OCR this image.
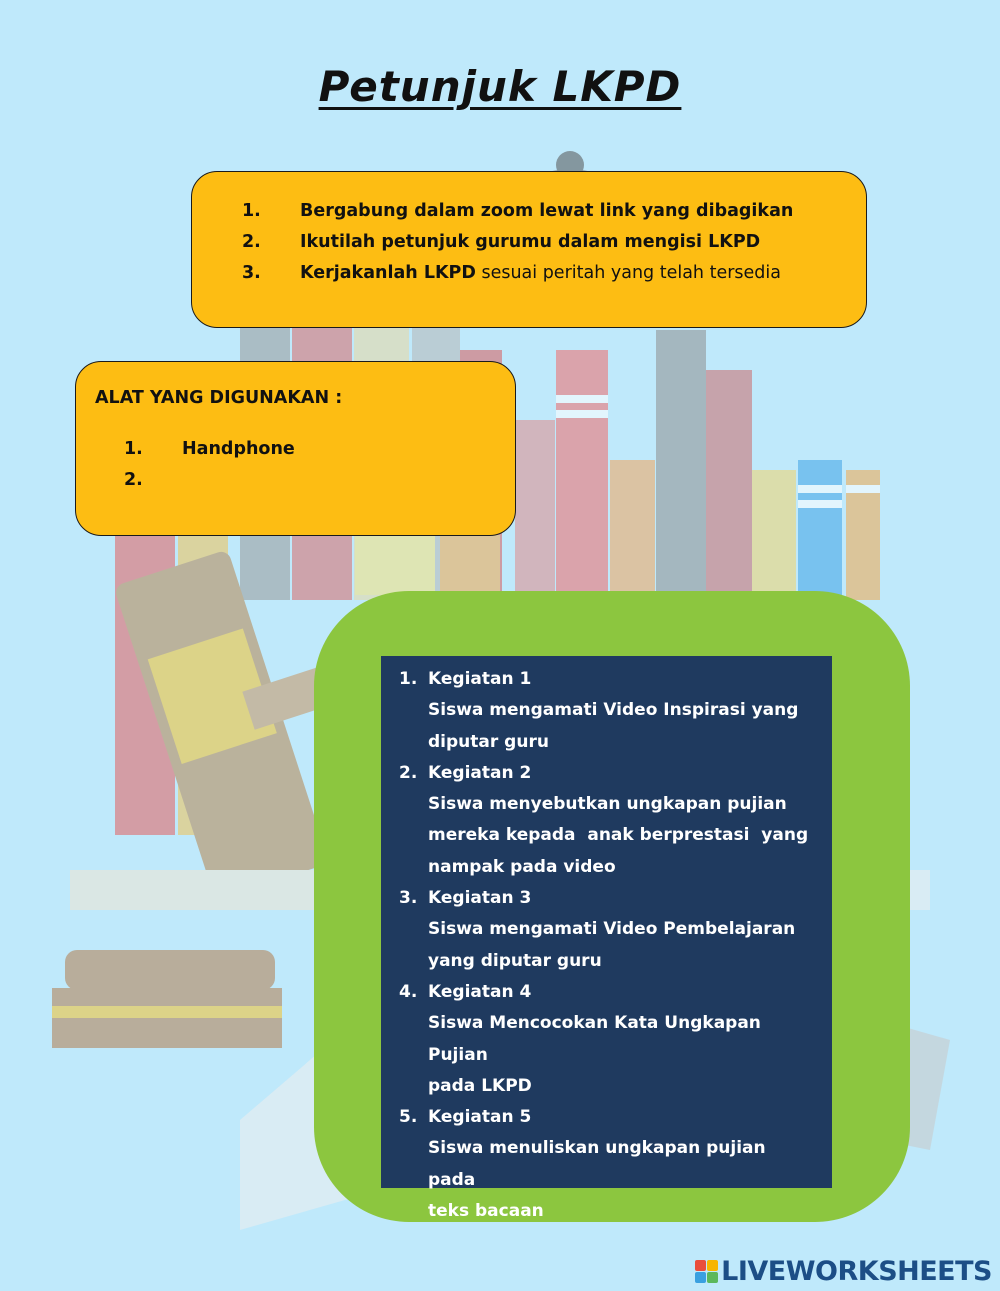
Petunjuk LKPD
1. Bergabung dalam zoom lewat link yang dibagikan
2. Ikutilah petunjuk gurumu dalam mengisi LKPD
3. Kerjakanlah LKPD sesuai peritah yang telah tersedia
ALAT YANG DIGUNAKAN :
1. Handphone
2.
1. Kegiatan 1
Siswa mengamati Video Inspirasi yang
diputar guru
2. Kegiatan 2
Siswa menyebutkan ungkapan pujian
mereka kepada  anak berprestasi  yang
nampak pada video
3. Kegiatan 3
Siswa mengamati Video Pembelajaran
yang diputar guru
4. Kegiatan 4
Siswa Mencocokan Kata Ungkapan Pujian
pada LKPD
5. Kegiatan 5
Siswa menuliskan ungkapan pujian pada
teks bacaan
LIVEWORKSHEETS
